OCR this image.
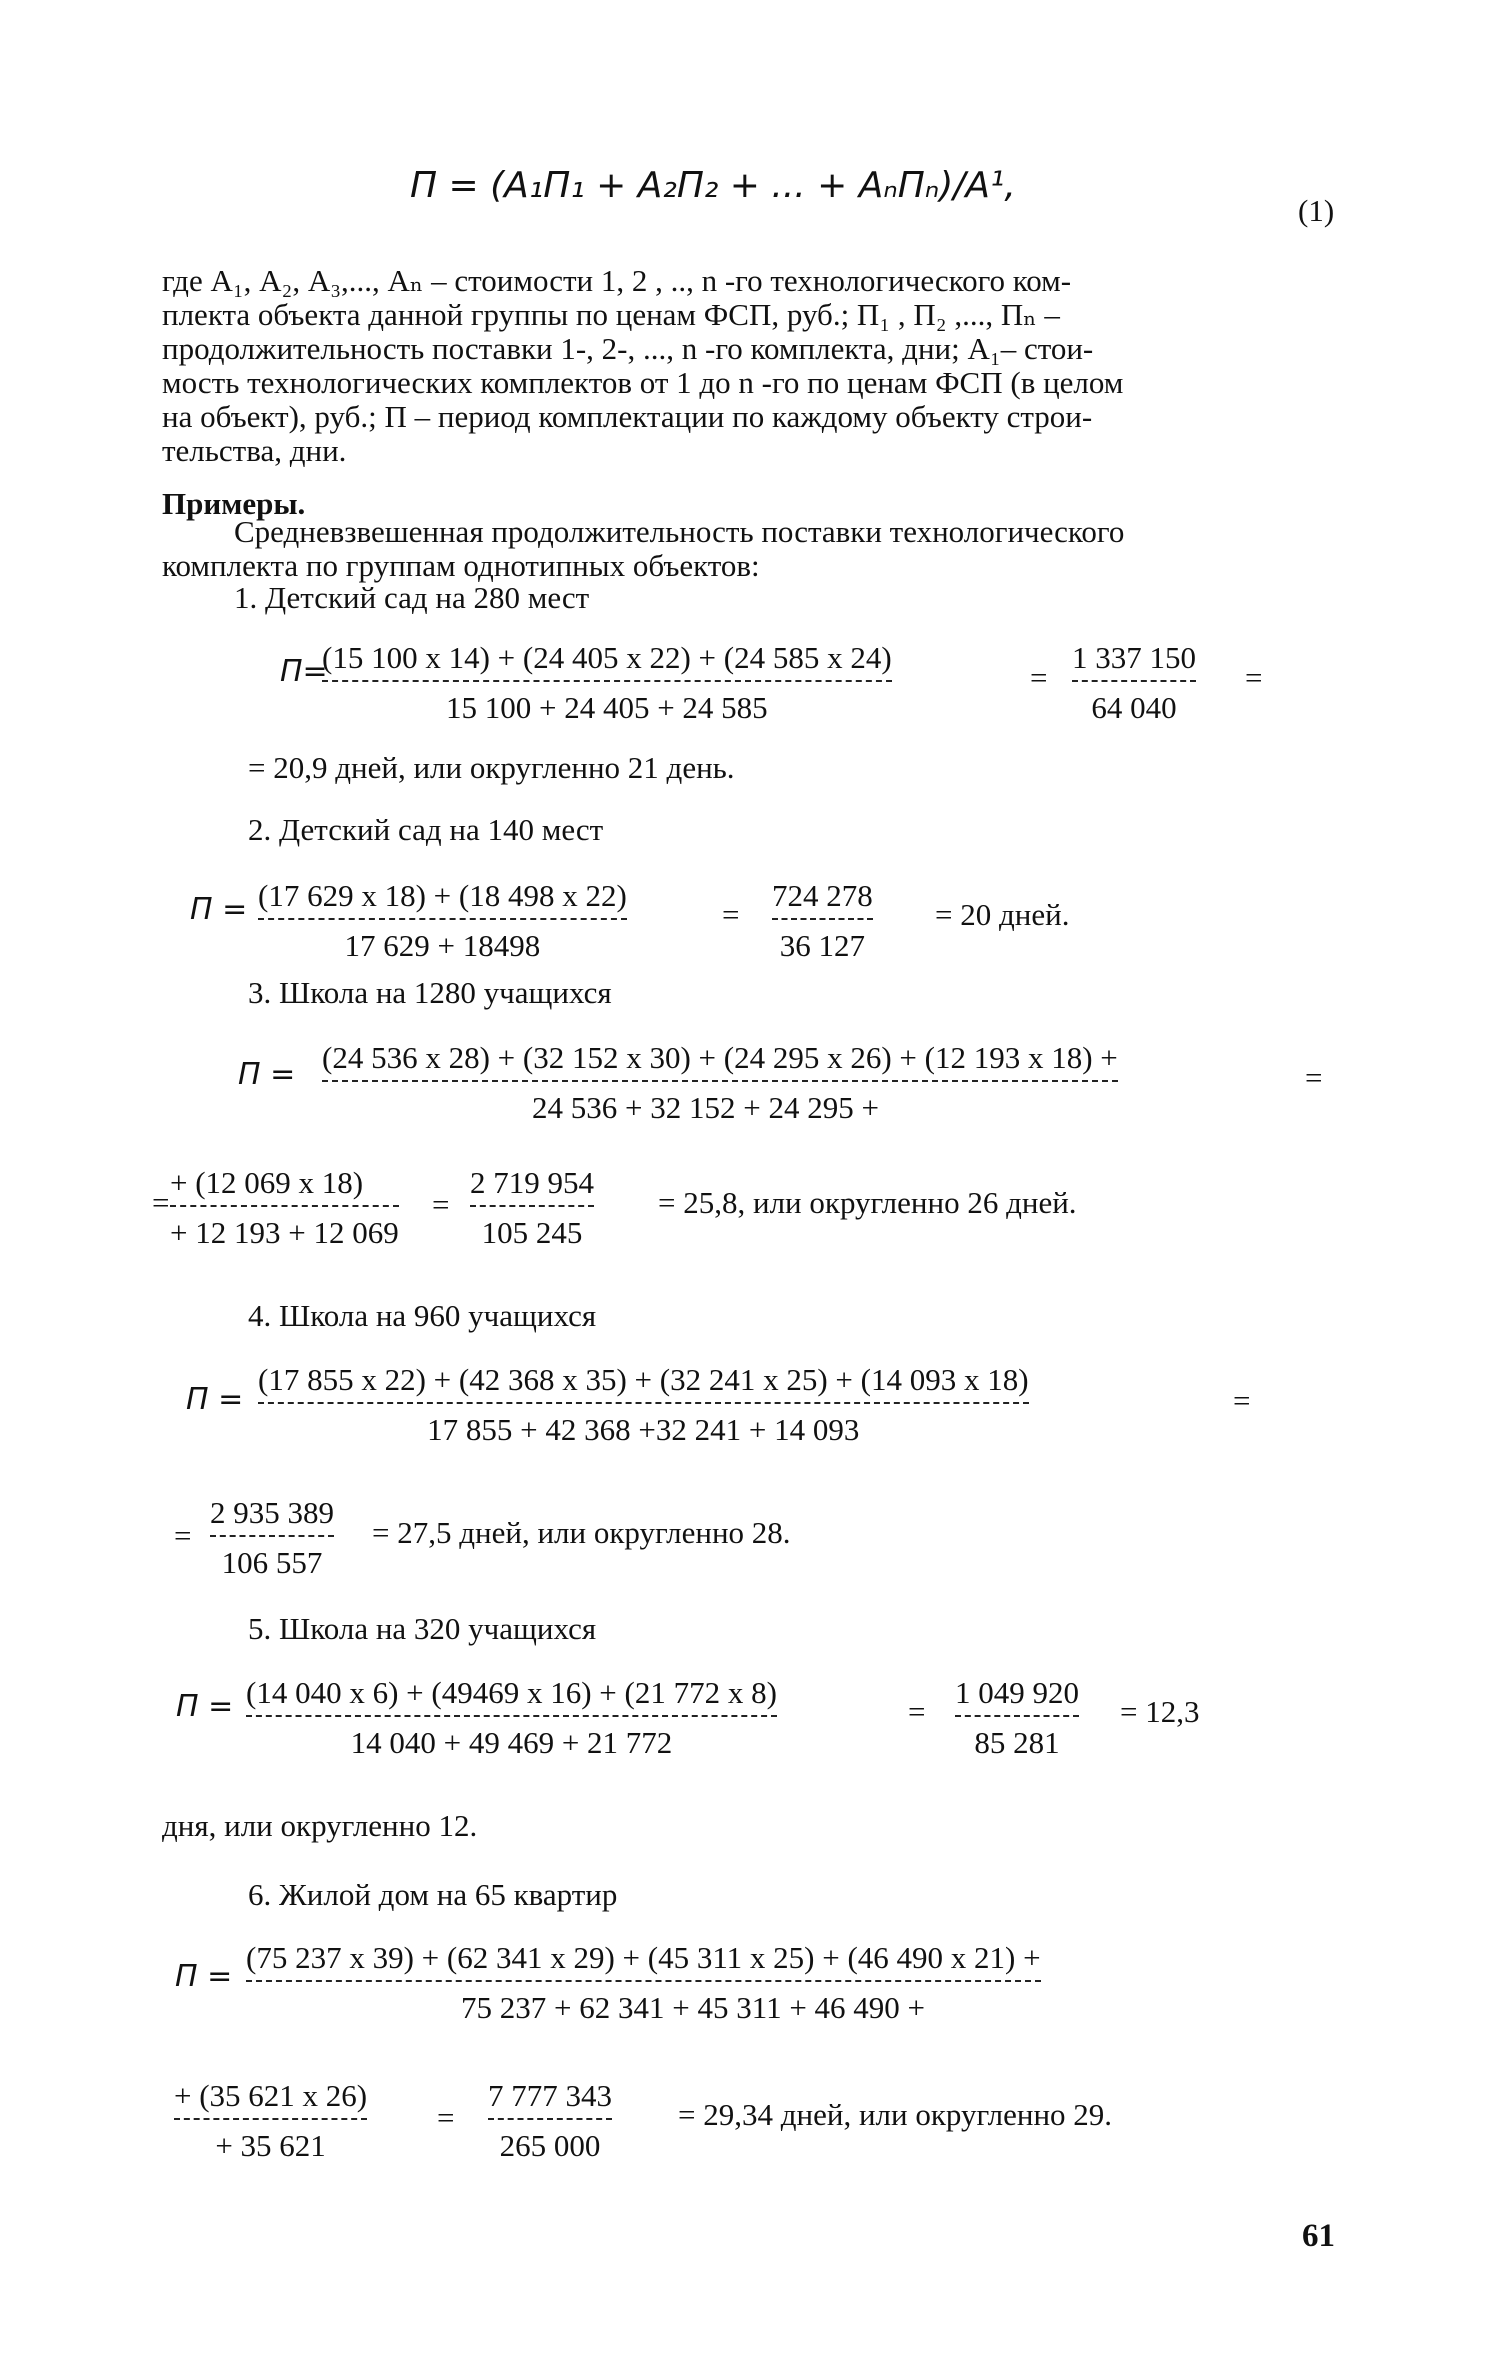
П = (А₁П₁ + А₂П₂ + ... + АₙПₙ)/А¹,
(1)
где А₁, А₂, А₃,..., Аₙ – стоимости 1, 2 , .., n -го технологического ком-
плекта объекта данной группы по ценам ФСП, руб.; П₁ , П₂ ,..., Пₙ –
продолжительность поставки 1-, 2-, ..., n -го комплекта, дни; А₁– стои-
мость технологических комплектов от 1 до n -го по ценам ФСП (в целом
на объект), руб.; П – период комплектации по каждому объекту строи-
тельства, дни.
Примеры.
Средневзвешенная продолжительность поставки технологического
комплекта по группам однотипных объектов:
1. Детский сад на 280 мест
П=
$\frac{(15 100 x 14) + (24 405 x 22) + (24 585 x 24)}{15 100 + 24 405 + 24 585}$	= $\frac{1 337 150}{64 040}$ =
= 20,9 дней, или округленно 21 день.
2. Детский сад на 140 мест
$П = \frac{(17 629 x 18) + (18 498 x 22)}{17 629 + 18498}$	= $\frac{724 278}{36 127} = 20$ дней.
3. Школа на 1280 учащихся
П = (24 536 x 28) + (32 152 x 30) + (24 295 x 26) + (12 193 x 18) +
24 536 + 32 152 + 24 295 +
=
= $\frac{+ (12 069 x 18)}{+ 12 193 + 12 069} = \frac{2 719 954}{105 245} = 25,8$, или округленно 26 дней.
4. Школа на 960 учащихся
П =
(17 855 x 22) + (42 368 x 35) + (32 241 x 25) + (14 093 x 18)
17 855 + 42 368 +32 241 + 14 093
=
= $\frac{2 935 389}{106 557} = 27,5$ дней, или округленно 28.
5. Школа на 320 учащихся
$П = \frac{(14 040 x 6) + (49469 x 16) + (21 772 x 8)}{14 040 + 49 469 + 21 772}$	= $\frac{1 049 920}{85 281} = 12,3$
дня, или округленно 12.
6. Жилой дом на 65 квартир
П =
(75 237 x 39) + (62 341 x 29) + (45 311 x 25) + (46 490 x 21) +
75 237 + 62 341 + 45 311 + 46 490 +
$\frac{+ (35 621 x 26)}{+ 35 621} = \frac{7 777 343}{265 000} = 29,34$ дней, или округленно 29.
61
